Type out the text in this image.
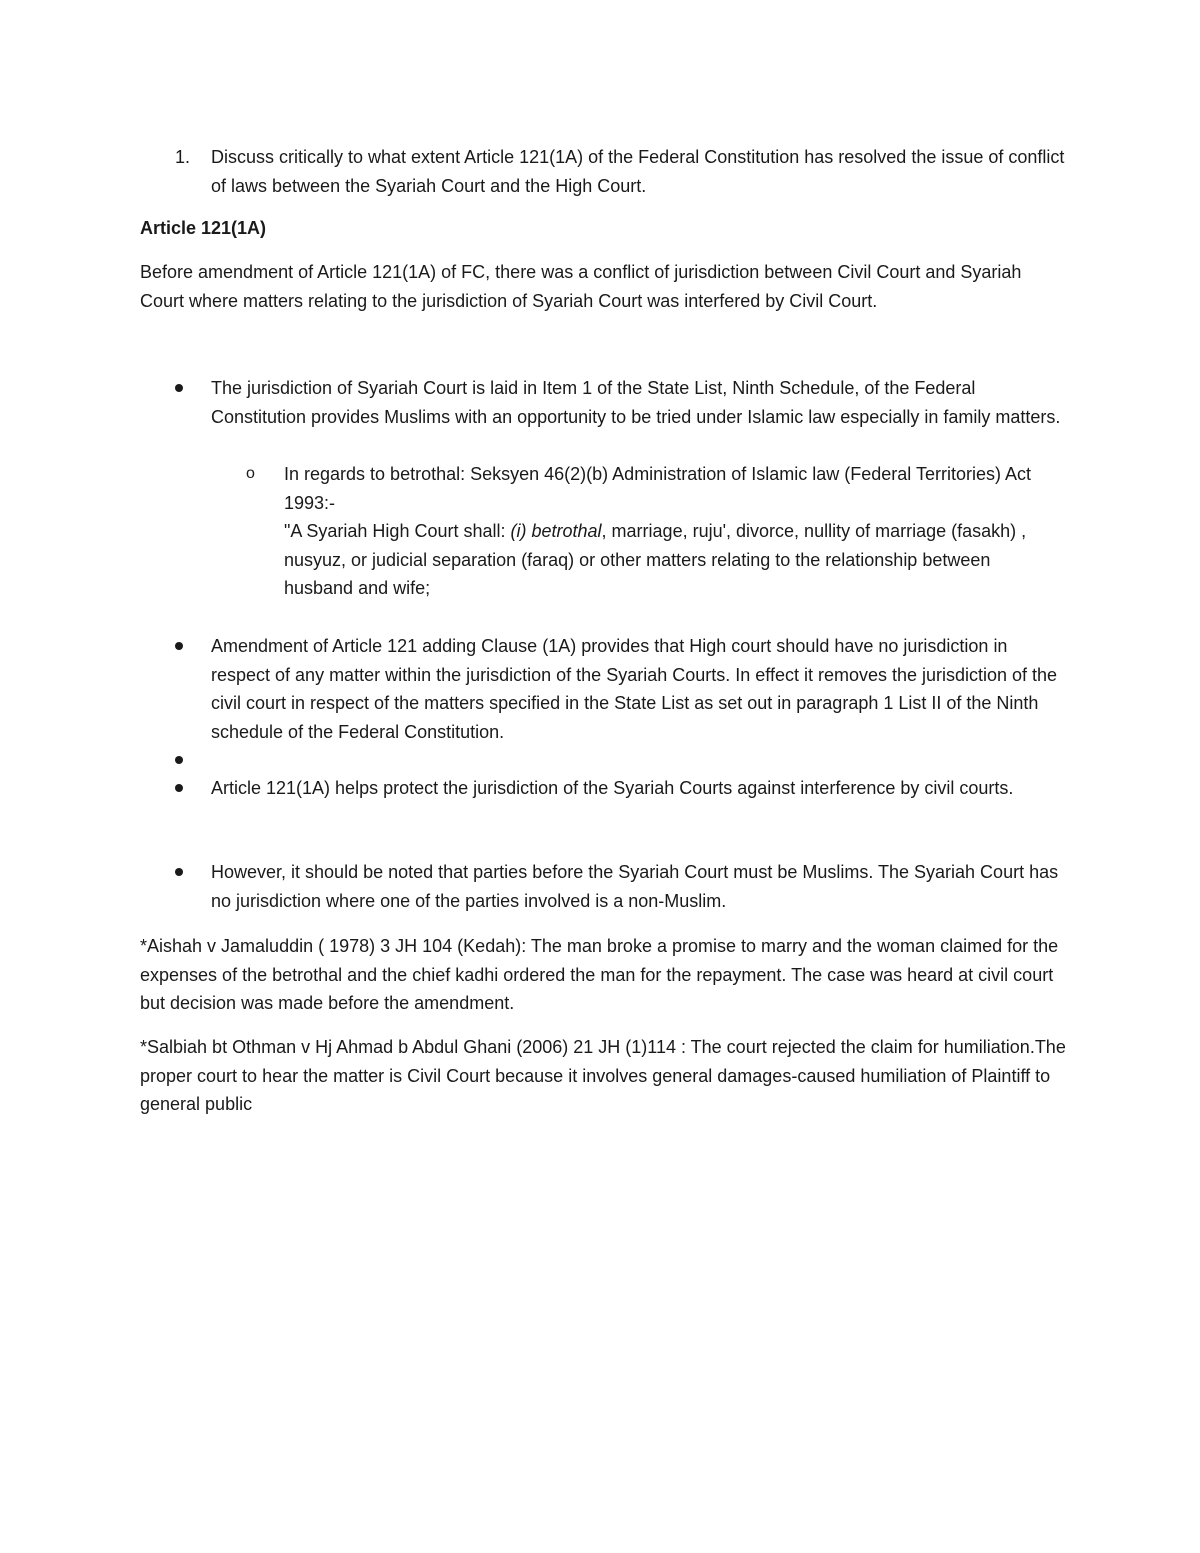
1. Discuss critically to what extent Article 121(1A) of the Federal Constitution has resolved the issue of conflict of laws between the Syariah Court and the High Court.
Article 121(1A)
Before amendment of Article 121(1A) of FC, there was a conflict of jurisdiction between Civil Court and Syariah Court where matters relating to the jurisdiction of Syariah Court was interfered by Civil Court.
The jurisdiction of Syariah Court is laid in Item 1 of the State List, Ninth Schedule, of the Federal Constitution provides Muslims with an opportunity to be tried under Islamic law especially in family matters.
o In regards to betrothal: Seksyen 46(2)(b) Administration of Islamic law (Federal Territories) Act 1993:-
"A Syariah High Court shall: (i) betrothal, marriage, ruju', divorce, nullity of marriage (fasakh) , nusyuz, or judicial separation (faraq) or other matters relating to the relationship between husband and wife;
Amendment of Article 121 adding Clause (1A) provides that High court should have no jurisdiction in respect of any matter within the jurisdiction of the Syariah Courts. In effect it removes the jurisdiction of the civil court in respect of the matters specified in the State List as set out in paragraph 1 List II of the Ninth schedule of the Federal Constitution.
Article 121(1A) helps protect the jurisdiction of the Syariah Courts against interference by civil courts.
However, it should be noted that parties before the Syariah Court must be Muslims. The Syariah Court has no jurisdiction where one of the parties involved is a non-Muslim.
*Aishah v Jamaluddin ( 1978) 3 JH 104 (Kedah): The man broke a promise to marry and the woman claimed for the expenses of the betrothal and the chief kadhi ordered the man for the repayment. The case was heard at civil court but decision was made before the amendment.
*Salbiah bt Othman v Hj Ahmad b Abdul Ghani (2006) 21 JH (1)114 : The court rejected the claim for humiliation.The proper court to hear the matter is Civil Court because it involves general damages-caused humiliation of Plaintiff to general public
